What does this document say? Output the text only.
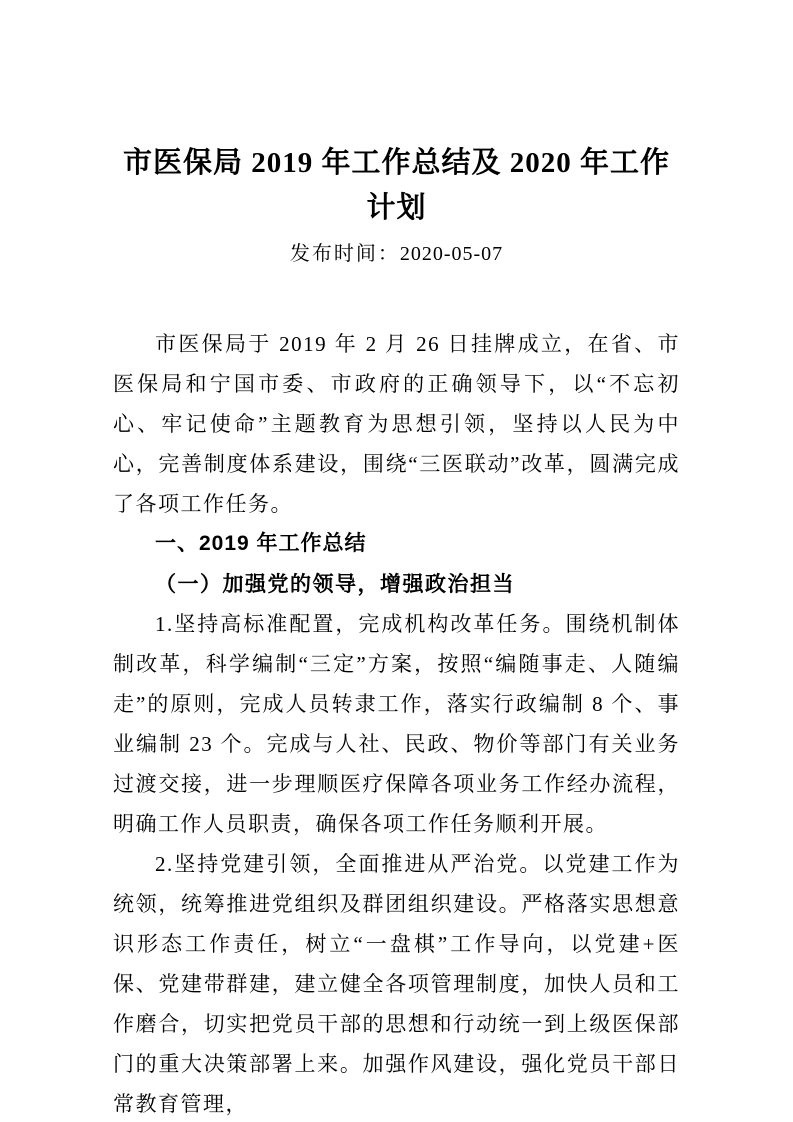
市医保局 2019 年工作总结及 2020 年工作计划

发布时间：2020-05-07

市医保局于 2019 年 2 月 26 日挂牌成立，在省、市医保局和宁国市委、市政府的正确领导下，以“不忘初心、牢记使命”主题教育为思想引领，坚持以人民为中心，完善制度体系建设，围绕“三医联动”改革，圆满完成了各项工作任务。

一、2019 年工作总结
（一）加强党的领导，增强政治担当

1.坚持高标准配置，完成机构改革任务。围绕机制体制改革，科学编制“三定”方案，按照“编随事走、人随编走”的原则，完成人员转隶工作，落实行政编制 8 个、事业编制 23 个。完成与人社、民政、物价等部门有关业务过渡交接，进一步理顺医疗保障各项业务工作经办流程，明确工作人员职责，确保各项工作任务顺利开展。

2.坚持党建引领，全面推进从严治党。以党建工作为统领，统筹推进党组织及群团组织建设。严格落实思想意识形态工作责任，树立“一盘棋”工作导向，以党建+医保、党建带群建，建立健全各项管理制度，加快人员和工作磨合，切实把党员干部的思想和行动统一到上级医保部门的重大决策部署上来。加强作风建设，强化党员干部日常教育管理，
